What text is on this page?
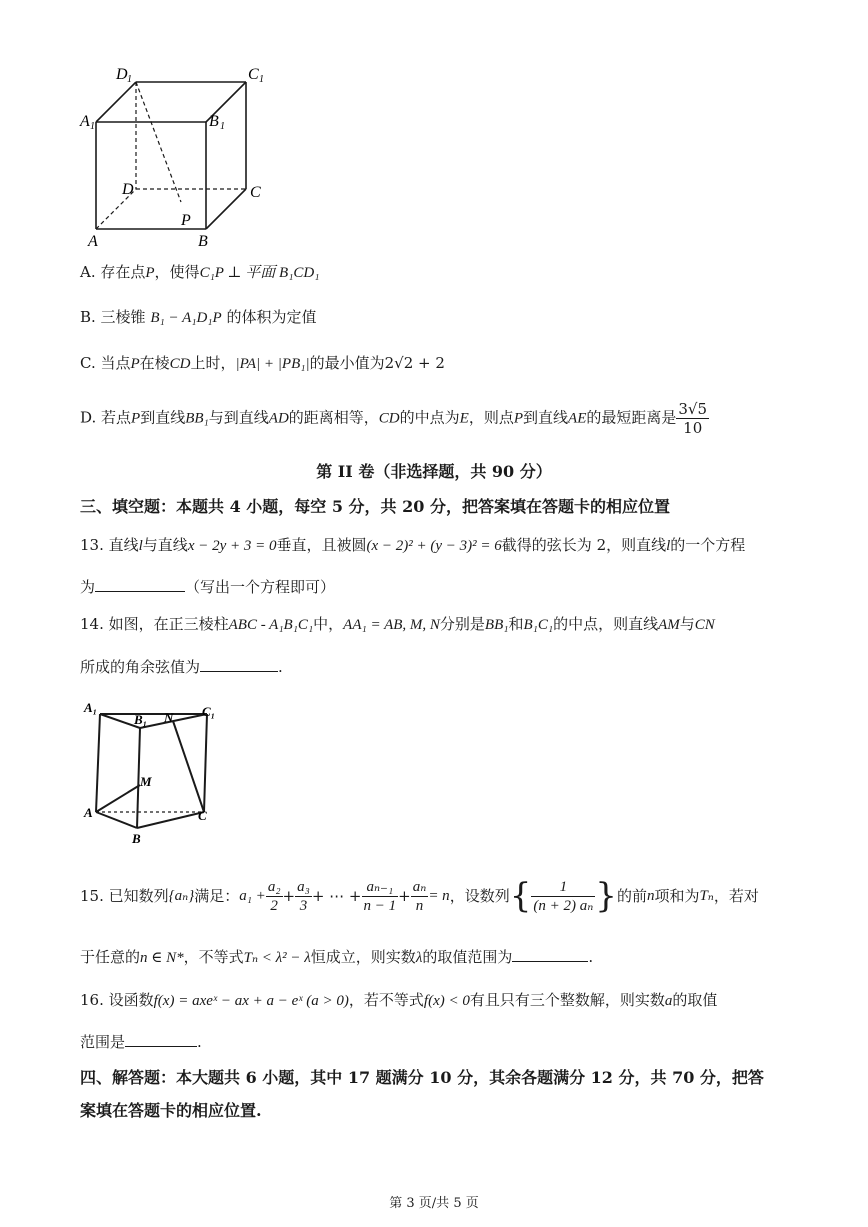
D 1	C 1
A 1	B 1
D	C
P
A	B
A. 存在点P，使得C₁P ⊥ 平面 B₁CD₁
B. 三棱锥 B₁ − A₁D₁P 的体积为定值
C. 当点P在棱CD上时，|PA| + |PB₁|的最小值为2√2 + 2
D. 若点P到直线BB₁与到直线AD的距离相等，CD的中点为E，则点P到直线AE的最短距离是 $\frac{3√5}{10}$
第 II 卷（非选择题，共 90 分）
三、填空题：本题共 4 小题，每空 5 分，共 20 分，把答案填在答题卡的相应位置
13. 直线l与直线x − 2y + 3 = 0垂直，且被圆(x − 2)² + (y − 3)² = 6截得的弦长为 2，则直线l的一个方程
为	（写出一个方程即可）
14. 如图，在正三棱柱ABC - A₁B₁C₁中，AA₁ = AB, M, N分别是BB₁和B₁C₁的中点，则直线AM与CN
所成的角余弦值为	.
A₁
B₁ N C₁
M
A	C
B
15. 已知数列 {aₙ} 满足： $a_1 + \frac{\text{a₂}}{2} + \frac{\text{a₃}}{3}$ + ⋯ + $\frac{\text{aₙ₋₁}}{n - 1} + \frac{\text{aₙ}}{n} = n$ ，设数列 { $\frac{1}{\text{(n + 2) aₙ}}$ } 的前 n 项和为 Tₙ ，若对
于任意的n ∈ N*，不等式Tₙ < λ² − λ恒成立，则实数λ的取值范围为	.
16. 设函数f(x) = axeˣ − ax + a − eˣ (a > 0)，若不等式f(x) < 0有且只有三个整数解，则实数a的取值
范围是	.
四、解答题：本大题共 6 小题，其中 17 题满分 10 分，其余各题满分 12 分，共 70 分，把答
案填在答题卡的相应位置.
第 3 页/共 5 页
